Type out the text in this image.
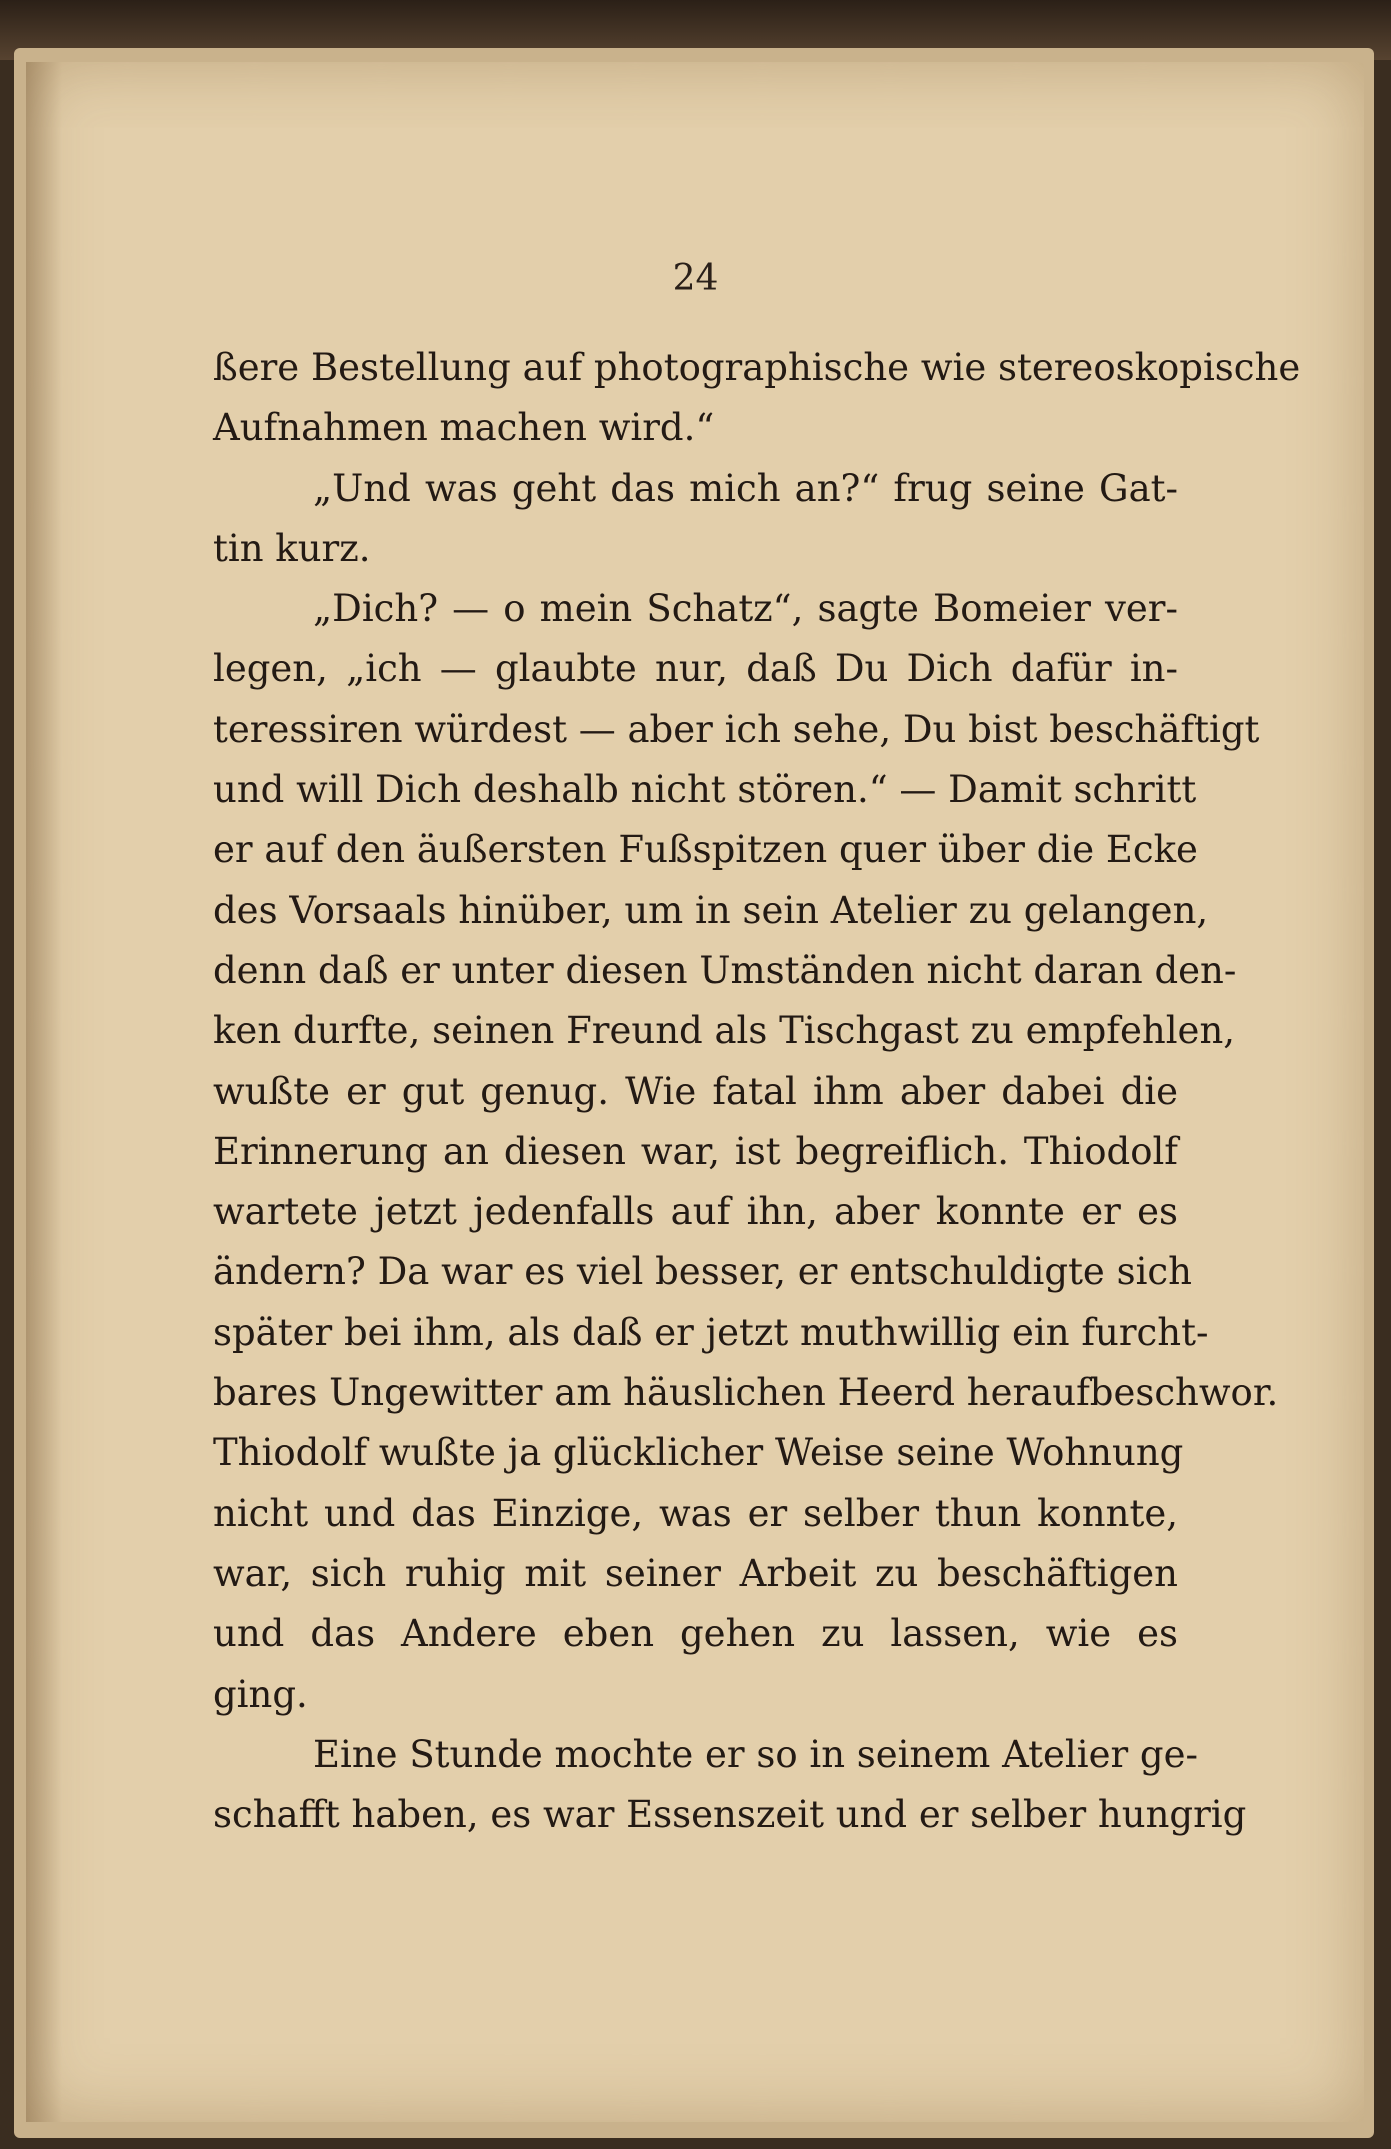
24
ßere Bestellung auf photographische wie stereoskopische
Aufnahmen machen wird.“
„Und was geht das mich an?“ frug seine Gat-
tin kurz.
„Dich? — o mein Schatz“, sagte Bomeier ver-
legen, „ich — glaubte nur, daß Du Dich dafür in-
teressiren würdest — aber ich sehe, Du bist beschäftigt
und will Dich deshalb nicht stören.“ — Damit schritt
er auf den äußersten Fußspitzen quer über die Ecke
des Vorsaals hinüber, um in sein Atelier zu gelangen,
denn daß er unter diesen Umständen nicht daran den-
ken durfte, seinen Freund als Tischgast zu empfehlen,
wußte er gut genug. Wie fatal ihm aber dabei die
Erinnerung an diesen war, ist begreiflich. Thiodolf
wartete jetzt jedenfalls auf ihn, aber konnte er es
ändern? Da war es viel besser, er entschuldigte sich
später bei ihm, als daß er jetzt muthwillig ein furcht-
bares Ungewitter am häuslichen Heerd heraufbeschwor.
Thiodolf wußte ja glücklicher Weise seine Wohnung
nicht und das Einzige, was er selber thun konnte,
war, sich ruhig mit seiner Arbeit zu beschäftigen
und das Andere eben gehen zu lassen, wie es
ging.
Eine Stunde mochte er so in seinem Atelier ge-
schafft haben, es war Essenszeit und er selber hungrig
